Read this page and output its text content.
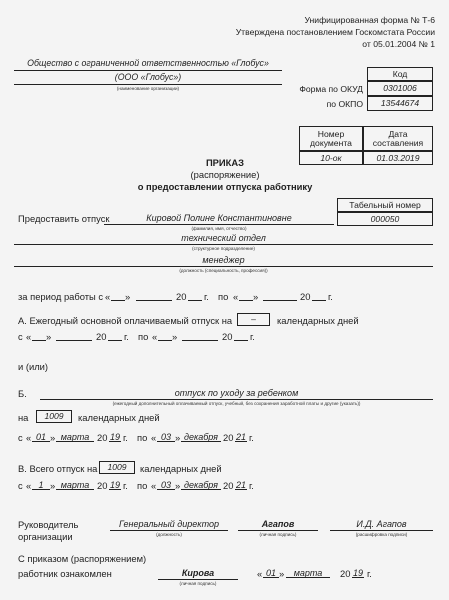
Унифицированная форма № Т-6
Утверждена постановлением Госкомстата России
от 05.01.2004 № 1
Общество с ограниченной ответственностью «Глобус»
(ООО «Глобус»)
(наименование организации)
Код
Форма по ОКУД	0301006
по ОКПО	13544674
Номер документа
Дата составления
10-ок	01.03.2019
ПРИКАЗ
(распоряжение)
о предоставлении отпуска работнику
Табельный номер
000050
Предоставить отпуск	Кировой Полине Константиновне
(фамилия, имя, отчество)
технический отдел
(структурное подразделение)
менеджер
(должность (специальность, профессия))
за период работы с « »	20 г. по « »	20 г.
А. Ежегодный основной оплачиваемый отпуск на	–	календарных дней
с « »	20 г. по « »	20 г.
и (или)
Б.	отпуск по уходу за ребенком
(ежегодный дополнительный оплачиваемый отпуск, учебный, без сохранения заработной платы и другие (указать))
на	1009	календарных дней
с « 01 » марта 20 19 г. по « 03 » декабря 20 21 г.
В. Всего отпуск на	1009	календарных дней
с « 1 » марта 20 19 г. по « 03 » декабря 20 21 г.
Руководитель
организации
Генеральный директор
(должность)
Агапов
(личная подпись)
И.Д. Агапов
(расшифровка подписи)
С приказом (распоряжением)
работник ознакомлен	Кирова
(личная подпись)
« 01 »	марта	20 19 г.
